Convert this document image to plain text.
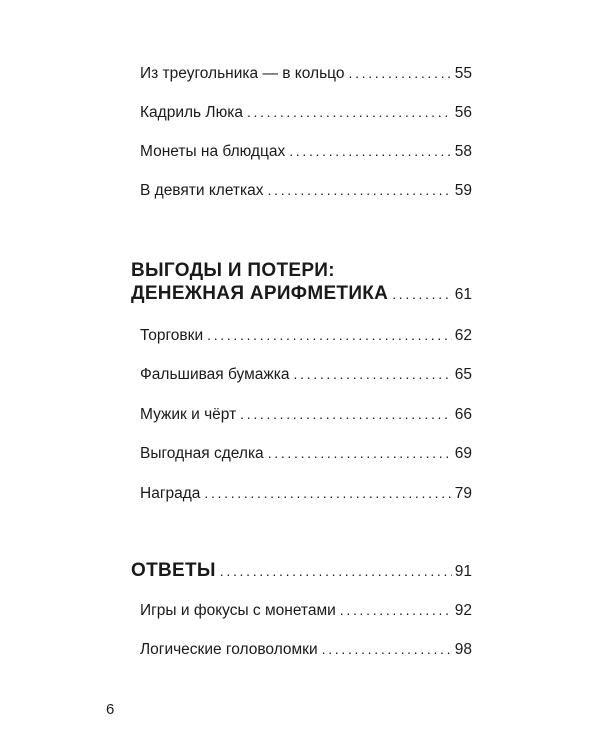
Из треугольника — в кольцо . . .	55
Кадриль Люка . . .	56
Монеты на блюдцах . . .	58
В девяти клетках . . .	59
ВЫГОДЫ И ПОТЕРИ:
ДЕНЕЖНАЯ АРИФМЕТИКА . . .	61
Торговки . . .	62
Фальшивая бумажка . . .	65
Мужик и чёрт . . .	66
Выгодная сделка . . .	69
Награда . . .	79
ОТВЕТЫ . . .	91
Игры и фокусы с монетами . . .	92
Логические головоломки . . .	98
6
